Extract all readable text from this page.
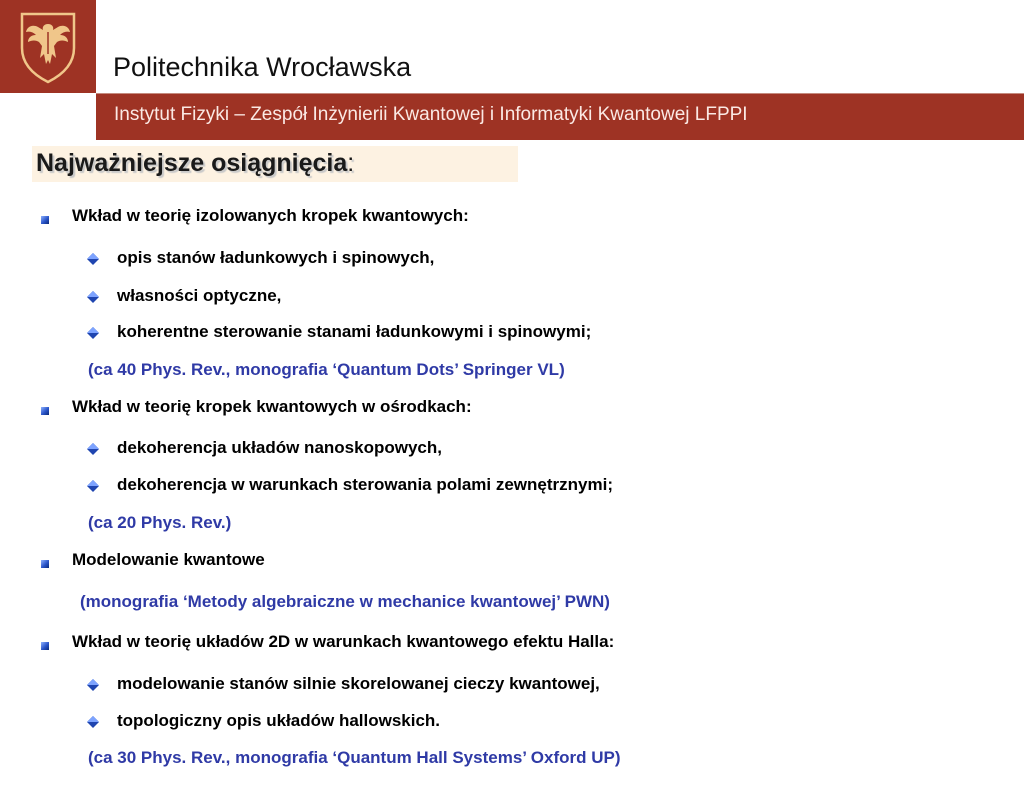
Politechnika Wrocławska
Instytut Fizyki – Zespół Inżynierii Kwantowej i Informatyki Kwantowej LFPPI
Najważniejsze osiągnięcia:
Wkład w teorię izolowanych kropek kwantowych:
opis stanów ładunkowych i spinowych,
własności optyczne,
koherentne sterowanie stanami ładunkowymi i spinowymi;
(ca 40 Phys. Rev., monografia ‘Quantum Dots’ Springer VL)
Wkład w teorię kropek kwantowych w ośrodkach:
dekoherencja układów nanoskopowych,
dekoherencja w warunkach sterowania polami zewnętrznymi;
(ca 20 Phys. Rev.)
Modelowanie kwantowe
(monografia ‘Metody algebraiczne w mechanice kwantowej’ PWN)
Wkład w teorię układów 2D w warunkach kwantowego efektu Halla:
modelowanie stanów silnie skorelowanej cieczy kwantowej,
topologiczny opis układów hallowskich.
(ca 30 Phys. Rev., monografia ‘Quantum Hall Systems’ Oxford UP)
